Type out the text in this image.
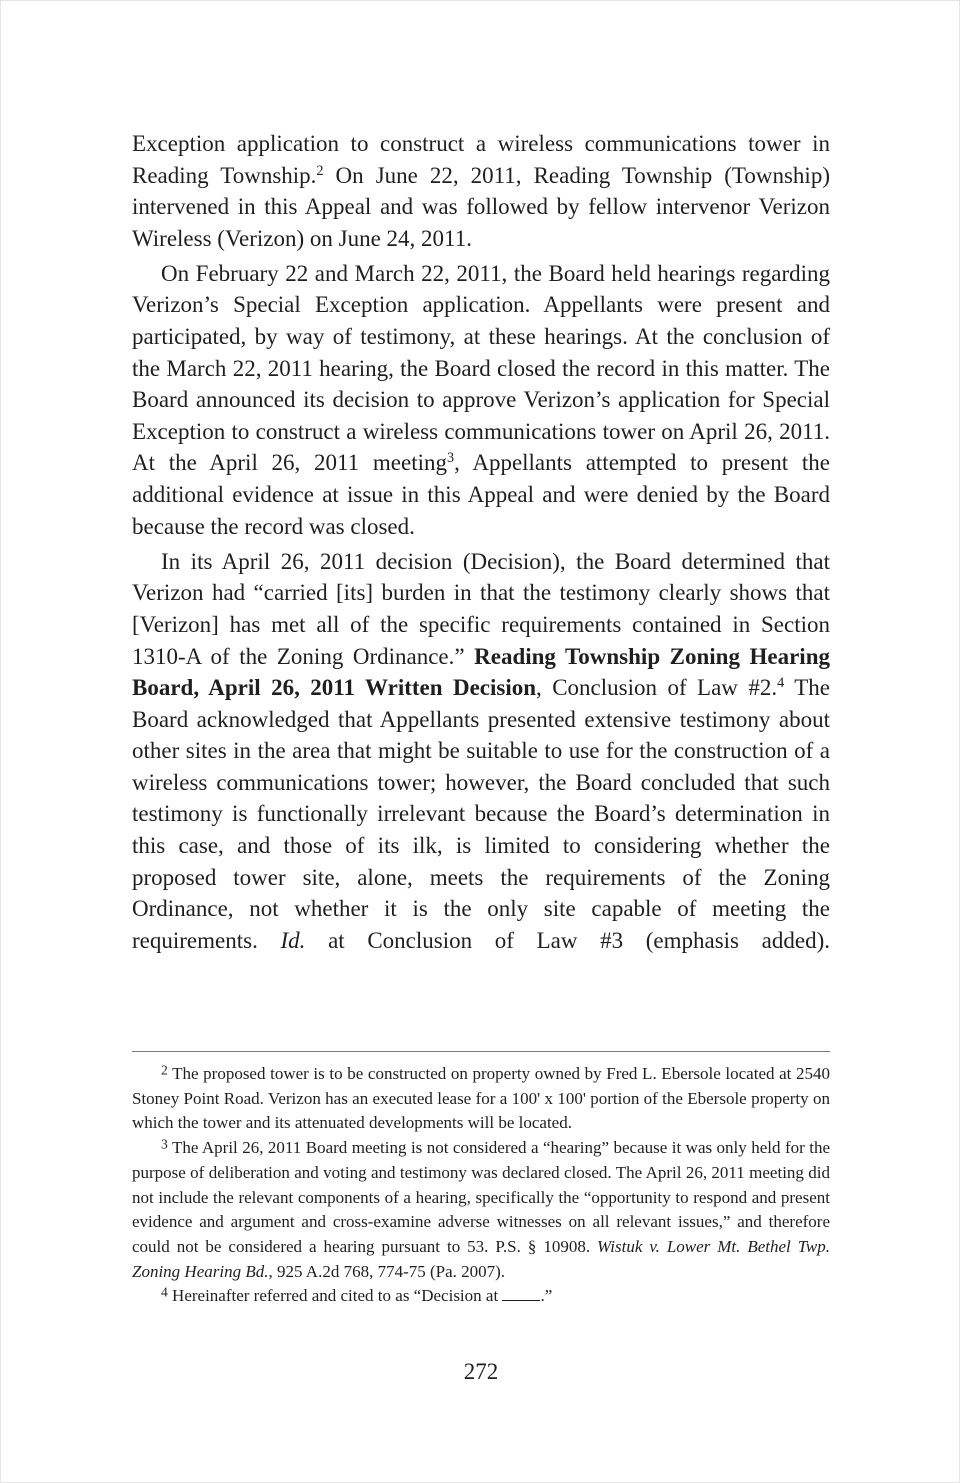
Exception application to construct a wireless communications tower in Reading Township.$^2$ On June 22, 2011, Reading Township (Township) intervened in this Appeal and was followed by fellow intervenor Verizon Wireless (Verizon) on June 24, 2011.

On February 22 and March 22, 2011, the Board held hearings regarding Verizon’s Special Exception application. Appellants were present and participated, by way of testimony, at these hearings. At the conclusion of the March 22, 2011 hearing, the Board closed the record in this matter. The Board announced its decision to approve Verizon’s application for Special Exception to construct a wireless communications tower on April 26, 2011. At the April 26, 2011 meeting$^3$, Appellants attempted to present the additional evidence at issue in this Appeal and were denied by the Board because the record was closed.

In its April 26, 2011 decision (Decision), the Board determined that Verizon had “carried [its] burden in that the testimony clearly shows that [Verizon] has met all of the specific requirements contained in Section 1310-A of the Zoning Ordinance.” Reading Township Zoning Hearing Board, April 26, 2011 Written Decision, Conclusion of Law #2.$^4$ The Board acknowledged that Appellants presented extensive testimony about other sites in the area that might be suitable to use for the construction of a wireless communications tower; however, the Board concluded that such testimony is functionally irrelevant because the Board’s determination in this case, and those of its ilk, is limited to considering whether the proposed tower site, alone, meets the requirements of the Zoning Ordinance, not whether it is the only site capable of meeting the requirements. Id. at Conclusion of Law #3 (emphasis added).

$^2$ The proposed tower is to be constructed on property owned by Fred L. Ebersole located at 2540 Stoney Point Road. Verizon has an executed lease for a 100' x 100' portion of the Ebersole property on which the tower and its attenuated developments will be located.

$^3$ The April 26, 2011 Board meeting is not considered a “hearing” because it was only held for the purpose of deliberation and voting and testimony was declared closed. The April 26, 2011 meeting did not include the relevant components of a hearing, specifically the “opportunity to respond and present evidence and argument and cross-examine adverse witnesses on all relevant issues,” and therefore could not be considered a hearing pursuant to 53. P.S. § 10908. Wistuk v. Lower Mt. Bethel Twp. Zoning Hearing Bd., 925 A.2d 768, 774-75 (Pa. 2007).

$^4$ Hereinafter referred and cited to as “Decision at .”

272
